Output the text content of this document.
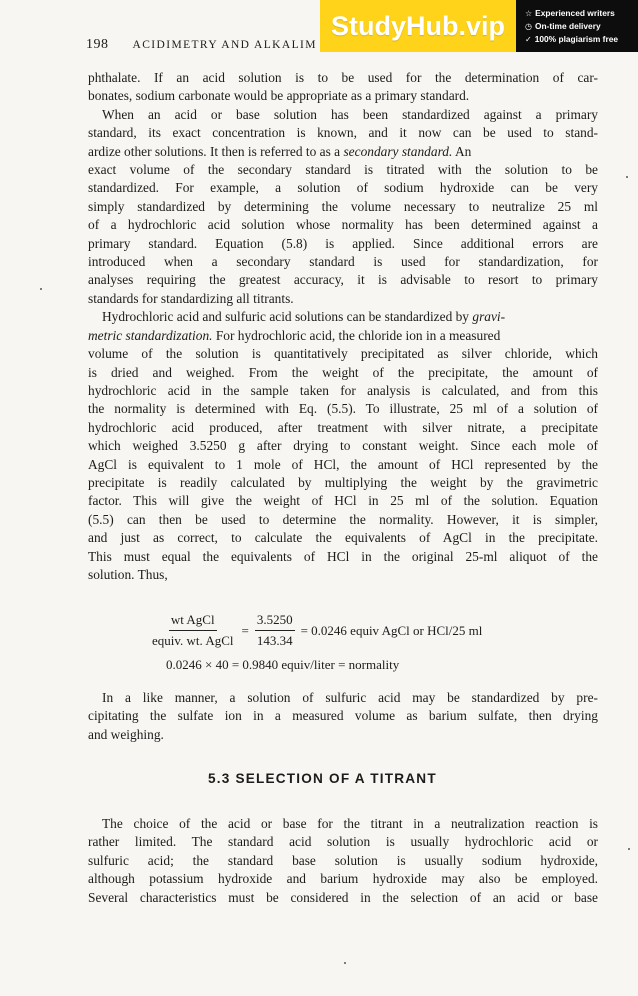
198 ACIDIMETRY AND ALKALIM
StudyHub.vip	☆ Experienced writers
◷ On-time delivery
✓ 100% plagiarism free
phthalate. If an acid solution is to be used for the determination of car-
bonates, sodium carbonate would be appropriate as a primary standard.
When an acid or base solution has been standardized against a primary
standard, its exact concentration is known, and it now can be used to stand-
ardize other solutions. It then is referred to as a secondary standard. An
exact volume of the secondary standard is titrated with the solution to be
standardized. For example, a solution of sodium hydroxide can be very
simply standardized by determining the volume necessary to neutralize 25 ml
of a hydrochloric acid solution whose normality has been determined against a
primary standard. Equation (5.8) is applied. Since additional errors are
introduced when a secondary standard is used for standardization, for
analyses requiring the greatest accuracy, it is advisable to resort to primary
standards for standardizing all titrants.
Hydrochloric acid and sulfuric acid solutions can be standardized by gravi-
metric standardization. For hydrochloric acid, the chloride ion in a measured
volume of the solution is quantitatively precipitated as silver chloride, which
is dried and weighed. From the weight of the precipitate, the amount of
hydrochloric acid in the sample taken for analysis is calculated, and from this
the normality is determined with Eq. (5.5). To illustrate, 25 ml of a solution of
hydrochloric acid produced, after treatment with silver nitrate, a precipitate
which weighed 3.5250 g after drying to constant weight. Since each mole of
AgCl is equivalent to 1 mole of HCl, the amount of HCl represented by the
precipitate is readily calculated by multiplying the weight by the gravimetric
factor. This will give the weight of HCl in 25 ml of the solution. Equation
(5.5) can then be used to determine the normality. However, it is simpler,
and just as correct, to calculate the equivalents of AgCl in the precipitate.
This must equal the equivalents of HCl in the original 25-ml aliquot of the
solution. Thus,
$\frac{\text{wt AgCl}}{\text{equiv. wt. AgCl}} = \frac{3.5250}{143.34} = 0.0246$ equiv AgCl or HCl/25 ml
0.0246 × 40 = 0.9840 equiv/liter = normality
In a like manner, a solution of sulfuric acid may be standardized by pre-
cipitating the sulfate ion in a measured volume as barium sulfate, then drying
and weighing.
5.3 SELECTION OF A TITRANT
The choice of the acid or base for the titrant in a neutralization reaction is
rather limited. The standard acid solution is usually hydrochloric acid or
sulfuric acid; the standard base solution is usually sodium hydroxide,
although potassium hydroxide and barium hydroxide may also be employed.
Several characteristics must be considered in the selection of an acid or base
